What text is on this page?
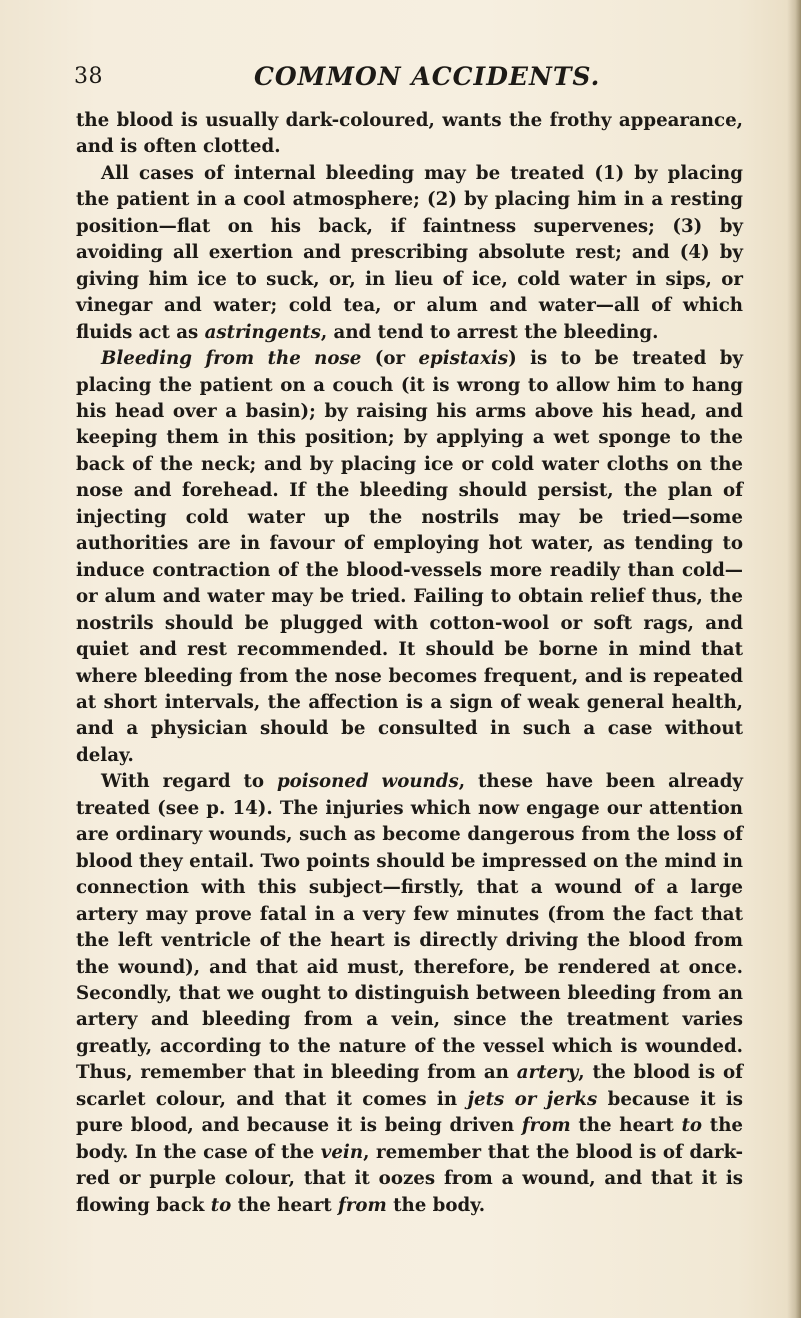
38	COMMON ACCIDENTS.

the blood is usually dark-coloured, wants the frothy appearance, and is often clotted.

All cases of internal bleeding may be treated (1) by placing the patient in a cool atmosphere; (2) by placing him in a resting position—flat on his back, if faintness supervenes; (3) by avoiding all exertion and prescribing absolute rest; and (4) by giving him ice to suck, or, in lieu of ice, cold water in sips, or vinegar and water; cold tea, or alum and water—all of which fluids act as astringents, and tend to arrest the bleeding.

Bleeding from the nose (or epistaxis) is to be treated by placing the patient on a couch (it is wrong to allow him to hang his head over a basin); by raising his arms above his head, and keeping them in this position; by applying a wet sponge to the back of the neck; and by placing ice or cold water cloths on the nose and forehead. If the bleeding should persist, the plan of injecting cold water up the nostrils may be tried—some authorities are in favour of employing hot water, as tending to induce contraction of the blood-vessels more readily than cold—or alum and water may be tried. Failing to obtain relief thus, the nostrils should be plugged with cotton-wool or soft rags, and quiet and rest recommended. It should be borne in mind that where bleeding from the nose becomes frequent, and is repeated at short intervals, the affection is a sign of weak general health, and a physician should be consulted in such a case without delay.

With regard to poisoned wounds, these have been already treated (see p. 14). The injuries which now engage our attention are ordinary wounds, such as become dangerous from the loss of blood they entail. Two points should be impressed on the mind in connection with this subject—firstly, that a wound of a large artery may prove fatal in a very few minutes (from the fact that the left ventricle of the heart is directly driving the blood from the wound), and that aid must, therefore, be rendered at once. Secondly, that we ought to distinguish between bleeding from an artery and bleeding from a vein, since the treatment varies greatly, according to the nature of the vessel which is wounded. Thus, remember that in bleeding from an artery, the blood is of scarlet colour, and that it comes in jets or jerks because it is pure blood, and because it is being driven from the heart to the body. In the case of the vein, remember that the blood is of dark-red or purple colour, that it oozes from a wound, and that it is flowing back to the heart from the body.
